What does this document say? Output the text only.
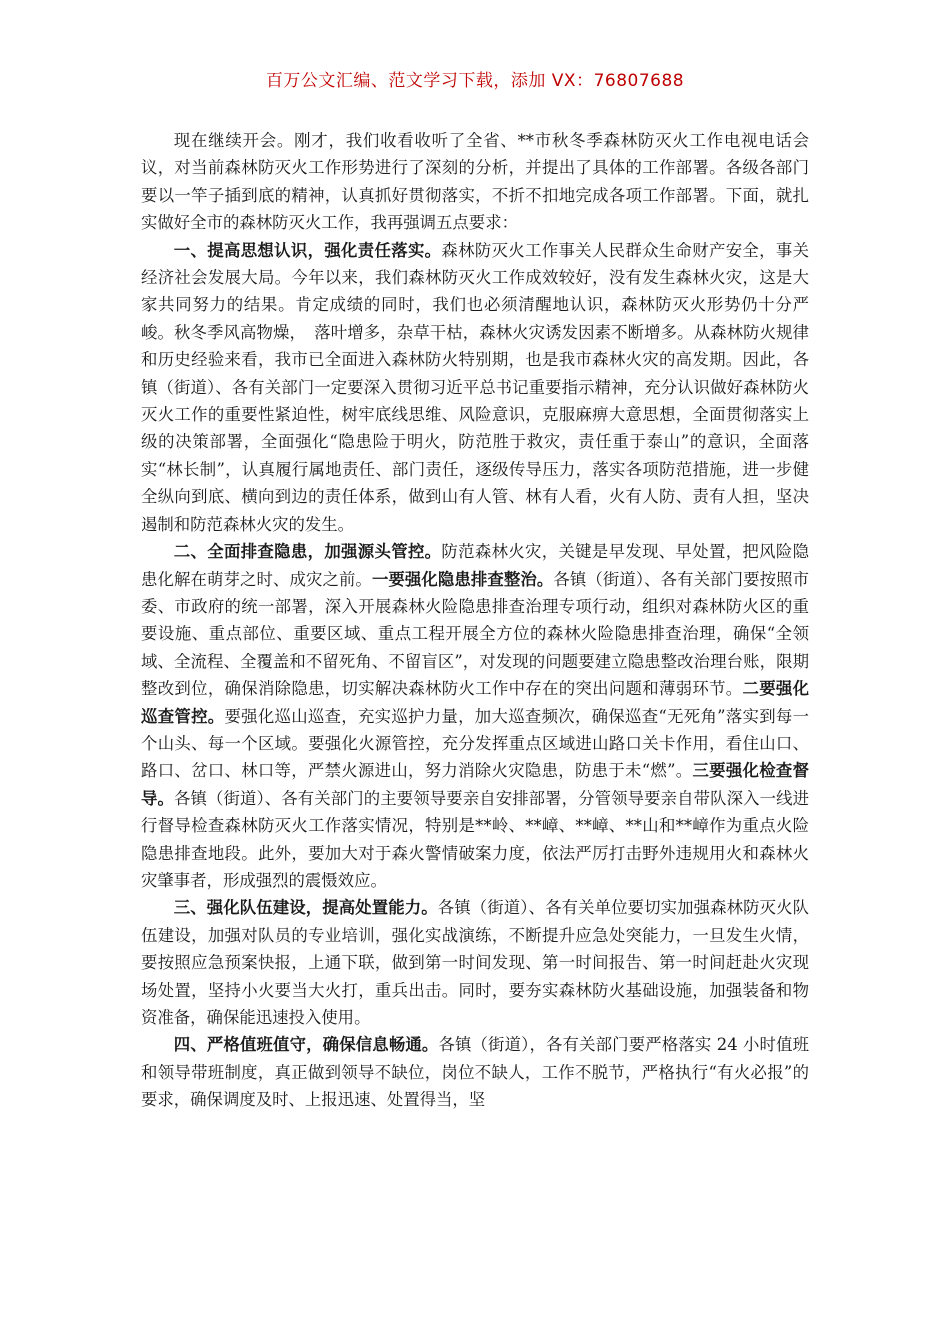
百万公文汇编、范文学习下载，添加 VX：76807688

现在继续开会。刚才，我们收看收听了全省、**市秋冬季森林防灭火工作电视电话会议，对当前森林防灭火工作形势进行了深刻的分析，并提出了具体的工作部署。各级各部门要以一竿子插到底的精神，认真抓好贯彻落实，不折不扣地完成各项工作部署。下面，就扎实做好全市的森林防灭火工作，我再强调五点要求：

一、提高思想认识，强化责任落实。森林防灭火工作事关人民群众生命财产安全，事关经济社会发展大局。今年以来，我们森林防灭火工作成效较好，没有发生森林火灾，这是大家共同努力的结果。肯定成绩的同时，我们也必须清醒地认识，森林防灭火形势仍十分严峻。秋冬季风高物燥，　落叶增多，杂草干枯，森林火灾诱发因素不断增多。从森林防火规律和历史经验来看，我市已全面进入森林防火特别期，也是我市森林火灾的高发期。因此，各镇（街道）、各有关部门一定要深入贯彻习近平总书记重要指示精神，充分认识做好森林防火灭火工作的重要性紧迫性，树牢底线思维、风险意识，克服麻痹大意思想，全面贯彻落实上级的决策部署，全面强化“隐患险于明火，防范胜于救灾，责任重于泰山”的意识，全面落实“林长制”，认真履行属地责任、部门责任，逐级传导压力，落实各项防范措施，进一步健全纵向到底、横向到边的责任体系，做到山有人管、林有人看，火有人防、责有人担，坚决遏制和防范森林火灾的发生。

二、全面排查隐患，加强源头管控。防范森林火灾，关键是早发现、早处置，把风险隐患化解在萌芽之时、成灾之前。一要强化隐患排查整治。各镇（街道）、各有关部门要按照市委、市政府的统一部署，深入开展森林火险隐患排查治理专项行动，组织对森林防火区的重要设施、重点部位、重要区域、重点工程开展全方位的森林火险隐患排查治理，确保“全领域、全流程、全覆盖和不留死角、不留盲区”，对发现的问题要建立隐患整改治理台账，限期整改到位，确保消除隐患，切实解决森林防火工作中存在的突出问题和薄弱环节。二要强化巡查管控。要强化巡山巡查，充实巡护力量，加大巡查频次，确保巡查“无死角”落实到每一个山头、每一个区域。要强化火源管控，充分发挥重点区域进山路口关卡作用，看住山口、路口、岔口、林口等，严禁火源进山，努力消除火灾隐患，防患于未“燃”。三要强化检查督导。各镇（街道）、各有关部门的主要领导要亲自安排部署，分管领导要亲自带队深入一线进行督导检查森林防灭火工作落实情况，特别是**岭、**嶂、**嶂、**山和**嶂作为重点火险隐患排查地段。此外，要加大对于森火警情破案力度，依法严厉打击野外违规用火和森林火灾肇事者，形成强烈的震慑效应。

三、强化队伍建设，提高处置能力。各镇（街道）、各有关单位要切实加强森林防灭火队伍建设，加强对队员的专业培训，强化实战演练，不断提升应急处突能力，一旦发生火情，要按照应急预案快报，上通下联，做到第一时间发现、第一时间报告、第一时间赶赴火灾现场处置，坚持小火要当大火打，重兵出击。同时，要夯实森林防火基础设施，加强装备和物资准备，确保能迅速投入使用。

四、严格值班值守，确保信息畅通。各镇（街道），各有关部门要严格落实 24 小时值班和领导带班制度，真正做到领导不缺位，岗位不缺人，工作不脱节，严格执行“有火必报”的要求，确保调度及时、上报迅速、处置得当，坚
